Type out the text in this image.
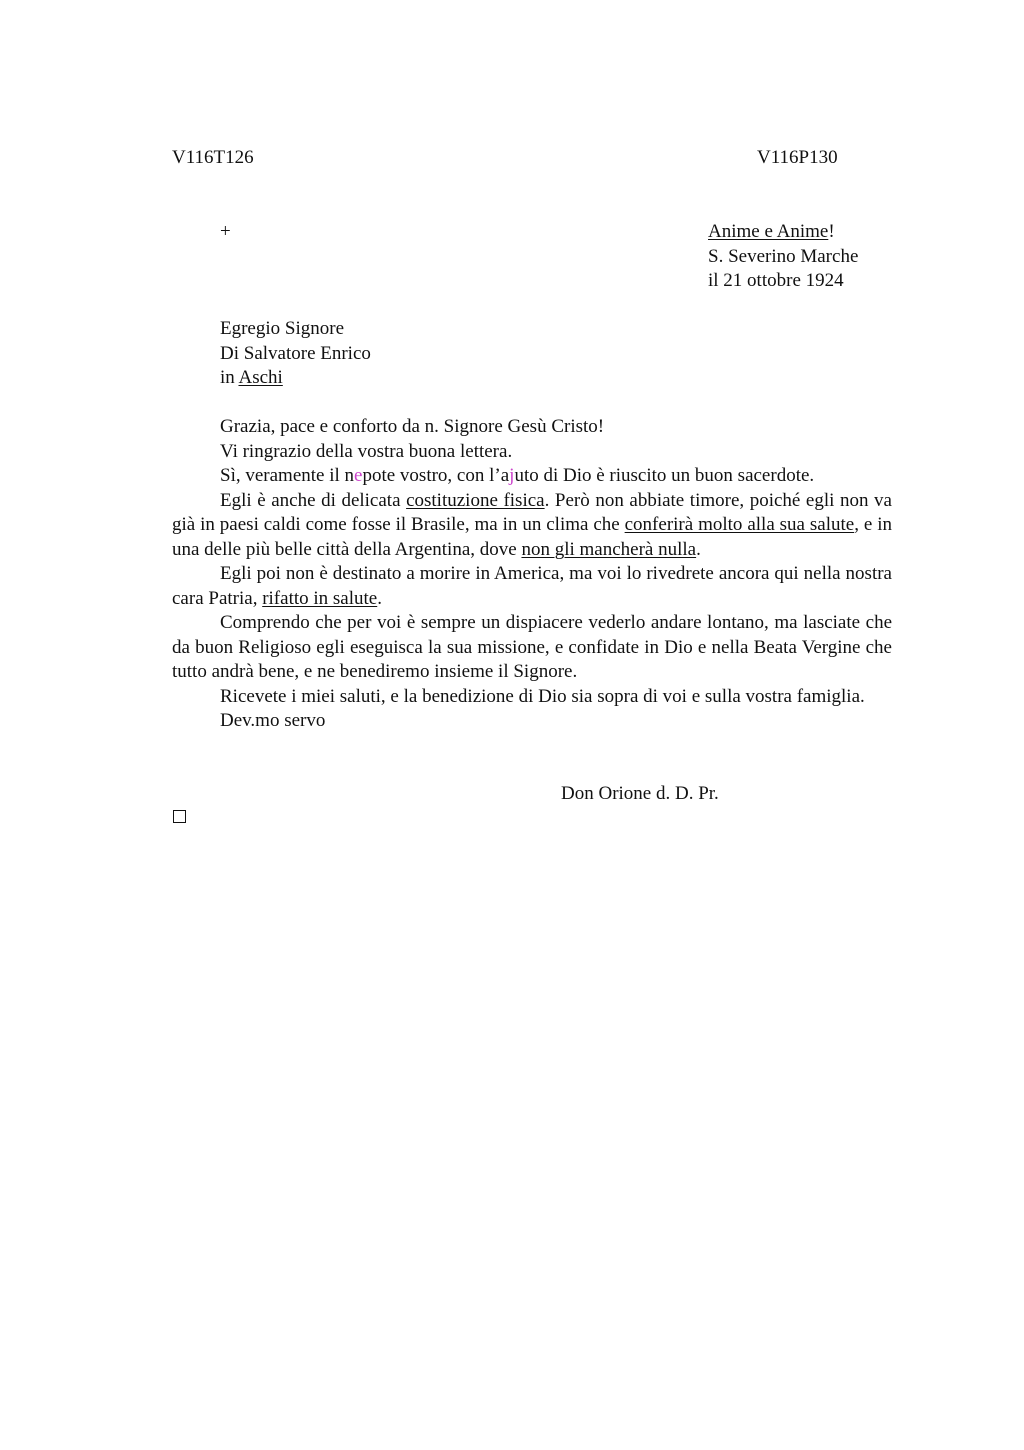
V116T126	V116P130
+	Anime e Anime!
S. Severino Marche
il 21 ottobre 1924
Egregio Signore
Di Salvatore Enrico
in Aschi

Grazia, pace e conforto da n. Signore Gesù Cristo!

Vi ringrazio della vostra buona lettera.

Sì, veramente il nepote vostro, con l’ajuto di Dio è riuscito un buon sacerdote.

Egli è anche di delicata costituzione fisica. Però non abbiate timore, poiché egli non va già in paesi caldi come fosse il Brasile, ma in un clima che conferirà molto alla sua salute, e in una delle più belle città della Argentina, dove non gli mancherà nulla.

Egli poi non è destinato a morire in America, ma voi lo rivedrete ancora qui nella nostra cara Patria, rifatto in salute.

Comprendo che per voi è sempre un dispiacere vederlo andare lontano, ma lasciate che da buon Religioso egli eseguisca la sua missione, e confidate in Dio e nella Beata Vergine che tutto andrà bene, e ne benediremo insieme il Signore.

Ricevete i miei saluti, e la benedizione di Dio sia sopra di voi e sulla vostra famiglia.

Dev.mo servo

Don Orione d. D. Pr.
